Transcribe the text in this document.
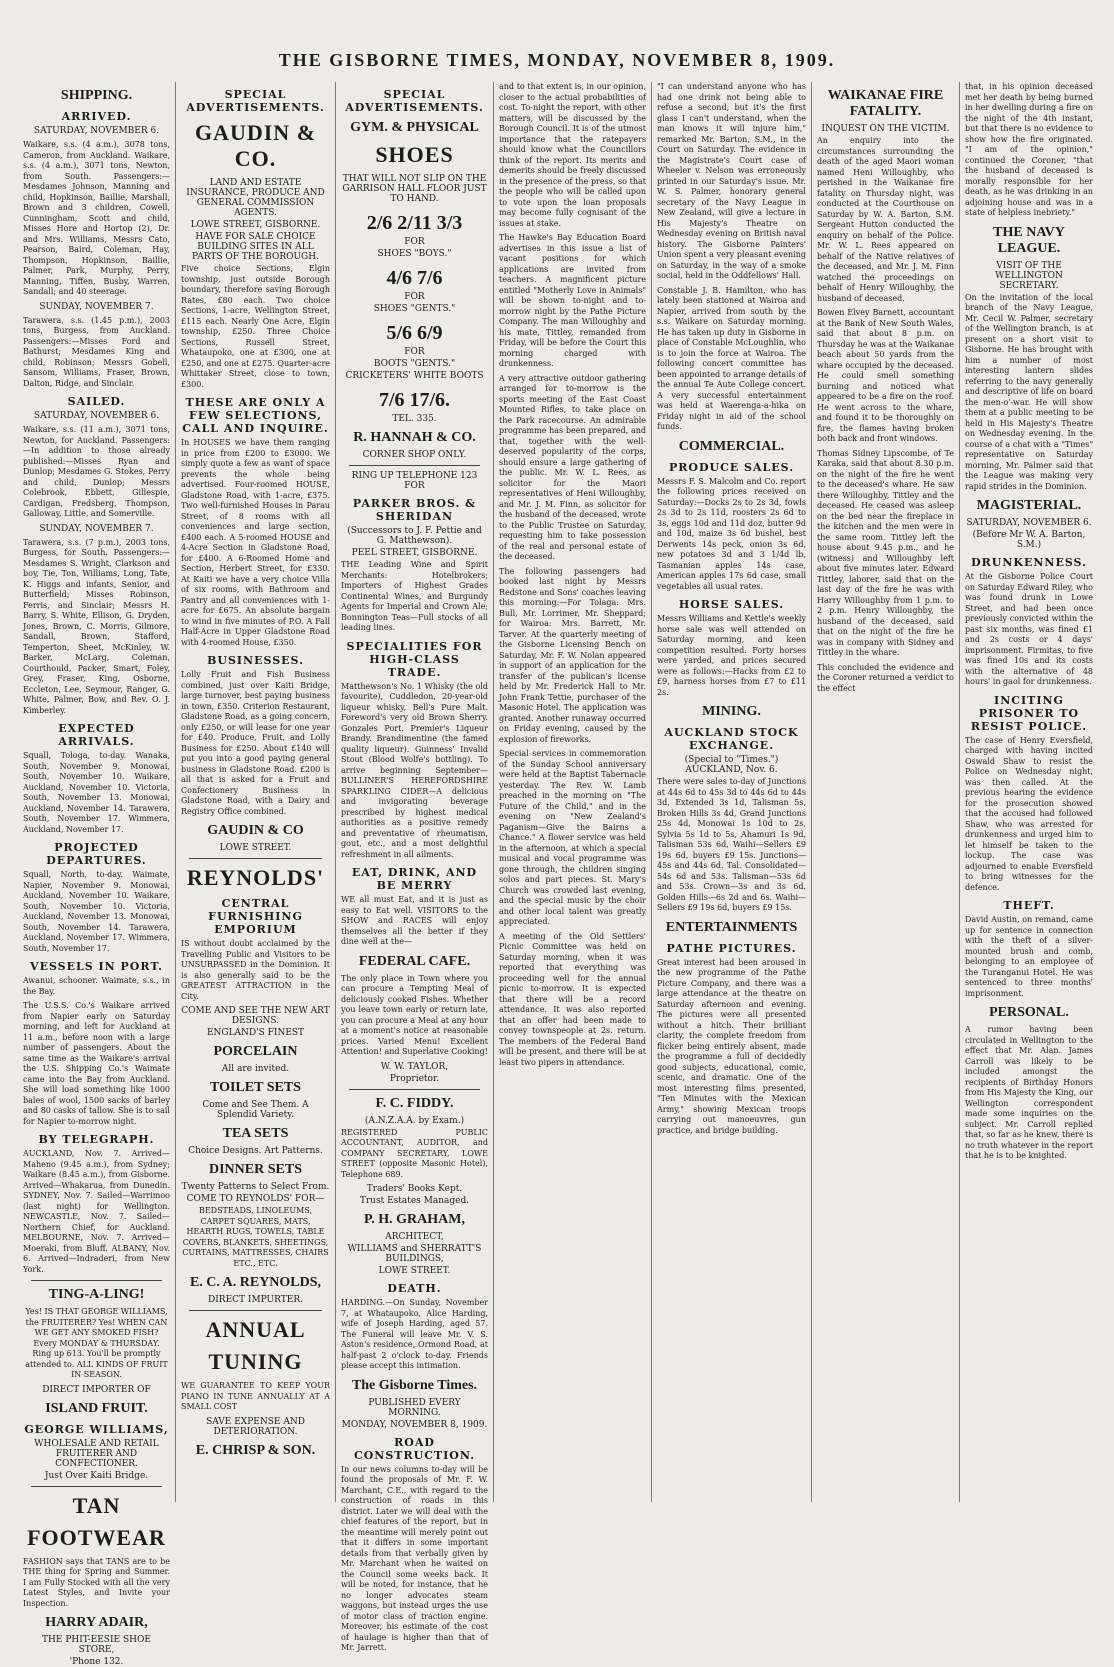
THE GISBORNE TIMES, MONDAY, NOVEMBER 8, 1909.
SHIPPING.
ARRIVED.
SATURDAY, NOVEMBER 6.

Waikare, s.s. (4 a.m.), 3078 tons, Cameron, from Auckland. Waikare, s.s. (4 a.m.), 3071 tons, Newton, from South. Passengers:—Mesdames Johnson, Manning and child, Hopkinson, Baillie, Marshall, Brown and 3 children, Cowell, Cunningham, Scott and child, Misses Hore and Hortop (2), Dr. and Mrs. Williams, Messrs Cato, Pearson, Baird, Coleman, Hay, Thompson, Hopkinson, Baillie, Palmer, Park, Murphy, Perry, Manning, Tiffen, Busby, Warren, Sandall; and 40 steerage.

SUNDAY, NOVEMBER 7.

Tarawera, s.s. (1.45 p.m.), 2003 tons, Burgess, from Auckland. Passengers:—Misses Ford and Bathurst; Mesdames King and child, Robinson; Messrs Gobell, Sansom, Williams, Fraser, Brown, Dalton, Ridge, and Sinclair.

SAILED.
SATURDAY, NOVEMBER 6.

Waikare, s.s. (11 a.m.), 3071 tons, Newton, for Auckland. Passengers:—In addition to those already published:—Misses Ryan and Dunlop; Mesdames G. Stokes, Perry and child, Dunlop; Messrs Colebrook, Ebbett, Gillespie, Cardigan, Fredsberg, Thompson, Galloway, Little, and Somerville.

SUNDAY, NOVEMBER 7.

Tarawera, s.s. (7 p.m.), 2003 tons, Burgess, for South. Passengers:—Mesdames S. Wright, Clarkson and boy, Tie, Ton, Williams, Long, Tate, K. Higgs and infants, Senior, and Butterfield; Misses Robinson, Ferris, and Sinclair; Messrs H. Barry, S. White, Ellison, G. Dryden, Jones, Brown, C. Morris, Gilmore, Sandall, Brown, Stafford, Temperton, Sheet, McKinley, W. Barker, McLarg, Coleman, Courthould, Packer, Smart, Foley, Grey, Fraser, King, Osborne, Eccleton, Lee, Seymour, Ranger, G. White, Palmer, Bow, and Rev. O. J. Kimberley.

EXPECTED ARRIVALS.

Squall, Tologa, to-day. Wanaka, South, November 9. Monowai, South, November 10. Waikare, Auckland, November 10. Victoria, South, November 13. Monowai, Auckland, November 14. Tarawera, South, November 17. Wimmera, Auckland, November 17.

PROJECTED DEPARTURES.

Squall, North, to-day. Waimate, Napier, November 9. Monowai, Auckland, November 10. Waikare, South, November 10. Victoria, Auckland, November 13. Monowai, South, November 14. Tarawera, Auckland, November 17. Wimmera, South, November 17.

VESSELS IN PORT.

Awanui, schooner. Waimate, s.s., in the Bay.

The U.S.S. Co.'s Waikare arrived from Napier early on Saturday morning, and left for Auckland at 11 a.m., before noon with a large number of passengers. About the same time as the Waikare's arrival the U.S. Shipping Co.'s Waimate came into the Bay from Auckland. She will load something like 1000 bales of wool, 1500 sacks of barley and 80 casks of tallow. She is to sail for Napier to-morrow night.

BY TELEGRAPH.

AUCKLAND, Nov. 7. Arrived—Maheno (9.45 a.m.), from Sydney; Waikare (8.45 a.m.), from Gisborne. Arrived—Whakarua, from Dunedin. SYDNEY, Nov. 7. Sailed—Warrimoo (last night) for Wellington. NEWCASTLE, Nov. 7. Sailed—Northern Chief, for Auckland. MELBOURNE, Nov. 7. Arrived—Moeraki, from Bluff. ALBANY, Nov. 6. Arrived—Indraderi, from New York.

TING-A-LING!

Yes! IS THAT GEORGE WILLIAMS, the FRUITERER? Yes! WHEN CAN WE GET ANY SMOKED FISH? Every MONDAY & THURSDAY. Ring up 613. You'll be promptly attended to. ALL KINDS OF FRUIT IN SEASON.

DIRECT IMPORTER OF
ISLAND FRUIT.
GEORGE WILLIAMS,
WHOLESALE AND RETAIL FRUITERER AND CONFECTIONER.
Just Over Kaiti Bridge.
TAN
FOOTWEAR

FASHION says that TANS are to be THE thing for Spring and Summer. I am Fully Stocked with all the very Latest Styles, and Invite your Inspection.

HARRY ADAIR,
THE PHIT-EESIE SHOE STORE,
'Phone 132.
SPECIAL ADVERTISEMENTS.
GAUDIN & CO.
LAND AND ESTATE INSURANCE, PRODUCE AND GENERAL COMMISSION AGENTS.
LOWE STREET, GISBORNE.
HAVE FOR SALE CHOICE BUILDING SITES IN ALL PARTS OF THE BOROUGH.

Five choice Sections, Elgin township, just outside Borough boundary, therefore saving Borough Rates, £80 each. Two choice Sections, 1-acre, Wellington Street, £115 each. Nearly One Acre, Elgin township, £250. Three Choice Sections, Russell Street, Whataupoko, one at £300, one at £250, and one at £275. Quarter-acre Whittaker Street, close to town, £300.

THESE ARE ONLY A FEW SELECTIONS, CALL AND INQUIRE.

In HOUSES we have them ranging in price from £200 to £3000. We simply quote a few as want of space prevents the whole being advertised. Four-roomed HOUSE, Gladstone Road, with 1-acre, £375. Two well-furnished Houses in Parau Street, of 8 rooms with all conveniences and large section, £400 each. A 5-roomed HOUSE and 4-Acre Section in Gladstone Road, for £400. A 6-Roomed Home and Section, Herbert Street, for £330. At Kaiti we have a very choice Villa of six rooms, with Bathroom and Pantry and all conveniences with 1-acre for £675. An absolute bargain to wind in five minutes of P.O. A Fall Half-Acre in Upper Gladstone Road with 4-roomed House, £350.

BUSINESSES.

Lolly Fruit and Fish Business combined, just over Kaiti Bridge, large turnover, best paying business in town, £350. Criterion Restaurant, Gladstone Road, as a going concern, only £250, or will lease for one year for £40. Produce, Fruit, and Lolly Business for £250. About £140 will put you into a good paying general business in Gladstone Road. £200 is all that is asked for a Fruit and Confectionery Business in Gladstone Road, with a Dairy and Registry Office combined.

GAUDIN & CO
LOWE STREET.
REYNOLDS'
CENTRAL FURNISHING EMPORIUM

IS without doubt acclaimed by the Travelling Public and Visitors to be UNSURPASSED in the Dominion. It is also generally said to be the GREATEST ATTRACTION in the City.

COME AND SEE THE NEW ART DESIGNS.
ENGLAND'S FINEST
PORCELAIN
All are invited.
TOILET SETS
Come and See Them. A Splendid Variety.
TEA SETS
Choice Designs. Art Patterns.
DINNER SETS
Twenty Patterns to Select From.
COME TO REYNOLDS' FOR—

BEDSTEADS, LINOLEUMS, CARPET SQUARES, MATS, HEARTH RUGS, TOWELS, TABLE COVERS, BLANKETS, SHEETINGS, CURTAINS, MATTRESSES, CHAIRS ETC., ETC.

E. C. A. REYNOLDS,
DIRECT IMPURTER.
ANNUAL
TUNING

WE GUARANTEE TO KEEP YOUR PIANO IN TUNE ANNUALLY AT A SMALL COST

SAVE EXPENSE AND DETERIORATION.
E. CHRISP & SON.
SPECIAL ADVERTISEMENTS.
GYM. & PHYSICAL
SHOES
THAT WILL NOT SLIP ON THE GARRISON HALL FLOOR JUST TO HAND.
2/6 2/11 3/3
FOR
SHOES "BOYS."
4/6 7/6
FOR
SHOES "GENTS."
5/6 6/9
FOR
BOOTS "GENTS."
CRICKETERS' WHITE BOOTS
7/6 17/6.
TEL. 335.
R. HANNAH & CO.
CORNER SHOP ONLY.
RING UP TELEPHONE 123 FOR
PARKER BROS. & SHERIDAN
(Successors to J. F. Pettie and G. Matthewson).
PEEL STREET, GISBORNE.

THE Leading Wine and Spirit Merchants: Hotelbrokers; Importers of Highest Grades Continental Wines, and Burgundy Agents for Imperial and Crown Ale; Bonnington Teas—Full stocks of all leading lines.

SPECIALITIES FOR HIGH-CLASS TRADE.

Matthewson's No. 1 Whisky (the old favourite), Cuddledon, 20-year-old liqueur whisky, Bell's Pure Malt. Foreword's very old Brown Sherry. Gonzales Port. Premier's Liqueur Brandy. Brandimentine (the famed quality liqueur). Guinness' Invalid Stout (Blood Wolfe's bottling). To arrive beginning September—BULLINER'S HEREFORDSHIRE SPARKLING CIDER—A delicious and invigorating beverage prescribed by highest medical authorities as a positive remedy and preventative of rheumatism, gout, etc., and a most delightful refreshment in all ailments.

EAT, DRINK, AND BE MERRY

WE all must Eat, and it is just as easy to Eat well. VISITORS to the SHOW and RACES will enjoy themselves all the better if they dine well at the—

FEDERAL CAFE.

The only place in Town where you can procure a Tempting Meal of deliciously cooked Fishes. Whether you leave town early or return late, you can procure a Meal at any hour at a moment's notice at reasonable prices. Varied Menu! Excellent Attention! and Superlative Cooking!

W. W. TAYLOR,
Proprietor.
F. C. FIDDY.
(A.N.Z.A.A. by Exam.)

REGISTERED PUBLIC ACCOUNTANT, AUDITOR, and COMPANY SECRETARY, LOWE STREET (opposite Masonic Hotel), Telephone 689.

Traders' Books Kept.
Trust Estates Managed.
P. H. GRAHAM,
ARCHITECT,
WILLIAMS and SHERRATT'S BUILDINGS,
LOWE STREET.
DEATH.

HARDING.—On Sunday, November 7, at Whataupoko, Alice Harding, wife of Joseph Harding, aged 57. The Funeral will leave Mr. V. S. Aston's residence, Ormond Road, at half-past 2 o'clock to-day. Friends please accept this intimation.

The Gisborne Times.
PUBLISHED EVERY MORNING.
MONDAY, NOVEMBER 8, 1909.
ROAD CONSTRUCTION.

In our news columns to-day will be found the proposals of Mr. F. W. Marchant, C.E., with regard to the construction of roads in this district. Later we will deal with the chief features of the report, but in the meantime will merely point out that it differs in some important details from that verbally given by Mr. Marchant when he waited on the Council some weeks back. It will be noted, for instance, that he no longer advocates steam waggons, but instead urges the use of motor class of traction engine. Moreover, his estimate of the cost of haulage is higher than that of Mr. Jarrett.

and to that extent is, in our opinion, closer to the actual probabilities of cost. To-night the report, with other matters, will be discussed by the Borough Council. It is of the utmost importance that the ratepayers should know what the Councillors think of the report. Its merits and demerits should be freely discussed in the presence of the press, so that the people who will be called upon to vote upon the loan proposals may become fully cognisant of the issues at stake.

The Hawke's Bay Education Board advertises in this issue a list of vacant positions for which applications are invited from teachers. A magnificent picture entitled "Motherly Love in Animals" will be shown to-night and to-morrow night by the Pathe Picture Company. The man Willoughby and his mate, Tittley, remanded from Friday, will be before the Court this morning charged with drunkenness.

A very attractive outdoor gathering arranged for to-morrow is the sports meeting of the East Coast Mounted Rifles, to take place on the Park racecourse. An admirable programme has been prepared, and that, together with the well-deserved popularity of the corps, should ensure a large gathering of the public. Mr. W. L. Rees, as solicitor for the Maori representatives of Heni Willoughby, and Mr. J. M. Finn, as solicitor for the husband of the deceased, wrote to the Public Trustee on Saturday, requesting him to take possession of the real and personal estate of the deceased.

The following passengers had booked last night by Messrs Redstone and Sons' coaches leaving this morning:—For Tolaga: Mrs. Bull, Mr. Lorrimer, Mr. Sheppard; for Wairoa: Mrs. Barrett, Mr. Tarver. At the quarterly meeting of the Gisborne Licensing Bench on Saturday, Mr. F. W. Nolan appeared in support of an application for the transfer of the publican's license held by Mr. Frederick Hall to Mr. John Frank Tettie, purchaser of the Masonic Hotel. The application was granted. Another runaway occurred on Friday evening, caused by the explosion of fireworks.

Special services in commemoration of the Sunday School anniversary were held at the Baptist Tabernacle yesterday. The Rev. W. Lamb preached in the morning on "The Future of the Child," and in the evening on "New Zealand's Paganism—Give the Bairns a Chance." A flower service was held in the afternoon, at which a special musical and vocal programme was gone through, the children singing solos and part pieces. St. Mary's Church was crowded last evening, and the special music by the choir and other local talent was greatly appreciated.

A meeting of the Old Settlers' Picnic Committee was held on Saturday morning, when it was reported that everything was proceeding well for the annual picnic to-morrow. It is expected that there will be a record attendance. It was also reported that an offer had been made to convey townspeople at 2s. return. The members of the Federal Band will be present, and there will be at least two pipers in attendance.

"I can understand anyone who has had one drink not being able to refuse a second, but it's the first glass I can't understand, when the man knows it will injure him," remarked Mr. Barton, S.M., in the Court on Saturday. The evidence in the Magistrate's Court case of Wheeler v. Nelson was erroneously printed in our Saturday's issue. Mr. W. S. Palmer, honorary general secretary of the Navy League in New Zealand, will give a lecture in His Majesty's Theatre on Wednesday evening on British naval history. The Gisborne Painters' Union spent a very pleasant evening on Saturday, in the way of a smoke social, held in the Oddfellows' Hall.

Constable J. B. Hamilton, who has lately been stationed at Wairoa and Napier, arrived from south by the s.s. Waikare on Saturday morning. He has taken up duty in Gisborne in place of Constable McLoughlin, who is to join the force at Wairoa. The following concert committee has been appointed to arrange details of the annual Te Aute College concert. A very successful entertainment was held at Waerenga-a-hika on Friday night in aid of the school funds.

COMMERCIAL.
PRODUCE SALES.

Messrs F. S. Malcolm and Co. report the following prices received on Saturday:—Docks 2s to 2s 3d, fowls 2s 3d to 2s 11d, roosters 2s 6d to 3s, eggs 10d and 11d doz, butter 9d and 10d, maize 3s 6d bushel, best Derwents 14s peck, onion 3s 6d, new potatoes 3d and 3 1/4d lb, Tasmanian apples 14s case, American apples 17s 6d case, small vegetables all usual rates.

HORSE SALES.

Messrs Williams and Kettle's weekly horse sale was well attended on Saturday morning, and keen competition resulted. Forty horses were yarded, and prices secured were as follows:—Hacks from £2 to £9, harness horses from £7 to £11 2s.

MINING.
AUCKLAND STOCK EXCHANGE.
(Special to "Times.") AUCKLAND, Nov. 6.

There were sales to-day of Junctions at 44s 6d to 45s 3d to 44s 6d to 44s 3d, Extended 3s 1d, Talisman 5s, Broken Hills 3s 4d, Grand Junctions 25s 4d, Monowai 1s 10d to 2s, Sylvia 5s 1d to 5s, Ahamuri 1s 9d, Talisman 53s 6d, Waihi—Sellers £9 19s 6d, buyers £9 15s. Junctions—45s and 44s 6d. Tal. Consolidated—54s 6d and 53s. Talisman—53s 6d and 53s. Crown—3s and 3s 6d. Golden Hills—6s 2d and 6s. Waihi—Sellers £9 19s 6d, buyers £9 15s.

ENTERTAINMENTS
PATHE PICTURES.

Great interest had been aroused in the new programme of the Pathe Picture Company, and there was a large attendance at the theatre on Saturday afternoon and evening. The pictures were all presented without a hitch. Their brilliant clarity, the complete freedom from flicker being entirely absent, made the programme a full of decidedly good subjects, educational, comic, scenic, and dramatic. One of the most interesting films presented, "Ten Minutes with the Mexican Army," showing Mexican troops carrying out manoeuvres, gun practice, and bridge building.

WAIKANAE FIRE FATALITY.
INQUEST ON THE VICTIM.

An enquiry into the circumstances surrounding the death of the aged Maori woman named Heni Willoughby, who perished in the Waikanae fire fatality on Thursday night, was conducted at the Courthouse on Saturday by W. A. Barton, S.M. Sergeant Hutton conducted the enquiry on behalf of the Police. Mr. W. L. Rees appeared on behalf of the Native relatives of the deceased, and Mr. J. M. Finn watched the proceedings on behalf of Henry Willoughby, the husband of deceased.

Bowen Elvey Barnett, accountant at the Bank of New South Wales, said that about 8 p.m. on Thursday he was at the Waikanae beach about 50 yards from the whare occupied by the deceased. He could smell something burning and noticed what appeared to be a fire on the roof. He went across to the whare, and found it to be thoroughly on fire, the flames having broken both back and front windows.

Thomas Sidney Lipscombe, of Te Karaka, said that about 8.30 p.m. on the night of the fire he went to the deceased's whare. He saw there Willoughby, Tittley and the deceased. He ceased was asleep on the bed near the fireplace in the kitchen and the men were in the same room. Tittley left the house about 9.45 p.m., and he (witness) and Willoughby left about five minutes later. Edward Tittley, laborer, said that on the last day of the fire he was with Harry Willoughby from 1 p.m. to 2 p.m. Henry Willoughby, the husband of the deceased, said that on the night of the fire he was in company with Sidney and Tittley in the whare.

This concluded the evidence and the Coroner returned a verdict to the effect

that, in his opinion deceased met her death by being burned in her dwelling during a fire on the night of the 4th instant, but that there is no evidence to show how the fire originated. "I am of the opinion," continued the Coroner, "that the husband of deceased is morally responsible for her death, as he was drinking in an adjoining house and was in a state of helpless inebriety."

THE NAVY LEAGUE.
VISIT OF THE WELLINGTON SECRETARY.

On the invitation of the local branch of the Navy League, Mr. Cecil W. Palmer, secretary of the Wellington branch, is at present on a short visit to Gisborne. He has brought with him a number of most interesting lantern slides referring to the navy generally and descriptive of life on board the men-o'-war. He will show them at a public meeting to be held in His Majesty's Theatre on Wednesday evening. In the course of a chat with a "Times" representative on Saturday morning, Mr. Palmer said that the League was making very rapid strides in the Dominion.

MAGISTERIAL.
SATURDAY, NOVEMBER 6.
(Before Mr W. A. Barton, S.M.)
DRUNKENNESS.

At the Gisborne Police Court on Saturday Edward Riley, who was found drunk in Lowe Street, and had been once previously convicted within the past six months, was fined £1 and 2s costs or 4 days' imprisonment. Firmitas, to five was fined 10s and its costs with the alternative of 48 hours' in gaol for drunkenness.

INCITING PRISONER TO RESIST POLICE.

The case of Henry Eversfield, charged with having incited Oswald Shaw to resist the Police on Wednesday night, was then called. At the previous hearing the evidence for the prosecution showed that the accused had followed Shaw, who was arrested for drunkenness and urged him to let himself be taken to the lockup. The case was adjourned to enable Eversfield to bring witnesses for the defence.

THEFT.

David Austin, on remand, came up for sentence in connection with the theft of a silver-mounted brush and comb, belonging to an employee of the Turanganui Hotel. He was sentenced to three months' imprisonment.

PERSONAL.

A rumor having been circulated in Wellington to the effect that Mr. Alan. James Carroll was likely to be included amongst the recipients of Birthday Honors from His Majesty the King, our Wellington correspondent made some inquiries on the subject. Mr. Carroll replied that, so far as he knew, there is no truth whatever in the report that he is to be knighted.
